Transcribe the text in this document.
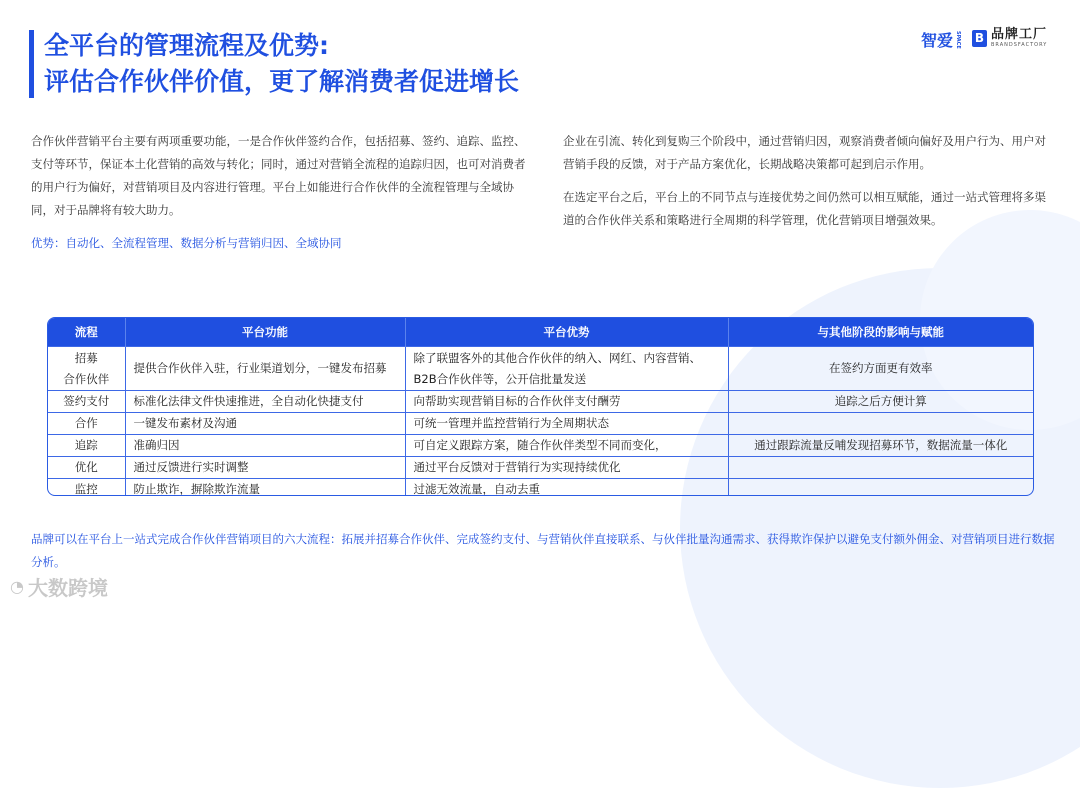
全平台的管理流程及优势:
评估合作伙伴价值，更了解消费者促进增长
智爱 SPACE B 品牌工厂
BRANDSFACTORY

合作伙伴营销平台主要有两项重要功能，一是合作伙伴签约合作，包括招募、签约、追踪、监控、支付等环节，保证本土化营销的高效与转化；同时，通过对营销全流程的追踪归因，也可对消费者的用户行为偏好，对营销项目及内容进行管理。平台上如能进行合作伙伴的全流程管理与全域协同，对于品牌将有较大助力。

优势：自动化、全流程管理、数据分析与营销归因、全域协同

企业在引流、转化到复购三个阶段中，通过营销归因，观察消费者倾向偏好及用户行为、用户对营销手段的反馈，对于产品方案优化，长期战略决策都可起到启示作用。

在选定平台之后，平台上的不同节点与连接优势之间仍然可以相互赋能，通过一站式管理将多渠道的合作伙伴关系和策略进行全周期的科学管理，优化营销项目增强效果。

流程	平台功能	平台优势	与其他阶段的影响与赋能
招募
合作伙伴	提供合作伙伴入驻，行业渠道划分，一键发布招募	除了联盟客外的其他合作伙伴的纳入、网红、内容营销、B2B合作伙伴等，公开信批量发送	在签约方面更有效率
签约支付	标准化法律文件快速推进，全自动化快捷支付	向帮助实现营销目标的合作伙伴支付酬劳	追踪之后方便计算
合作	一键发布素材及沟通	可统一管理并监控营销行为全周期状态	
追踪	准确归因	可自定义跟踪方案，随合作伙伴类型不同而变化，	通过跟踪流量反哺发现招募环节，数据流量一体化
优化	通过反馈进行实时调整	通过平台反馈对于营销行为实现持续优化	
监控	防止欺诈，摒除欺诈流量	过滤无效流量，自动去重	
品牌可以在平台上一站式完成合作伙伴营销项目的六大流程：拓展并招募合作伙伴、完成签约支付、与营销伙伴直接联系、与伙伴批量沟通需求、获得欺诈保护以避免支付额外佣金、对营销项目进行数据分析。
◔ 大数跨境
